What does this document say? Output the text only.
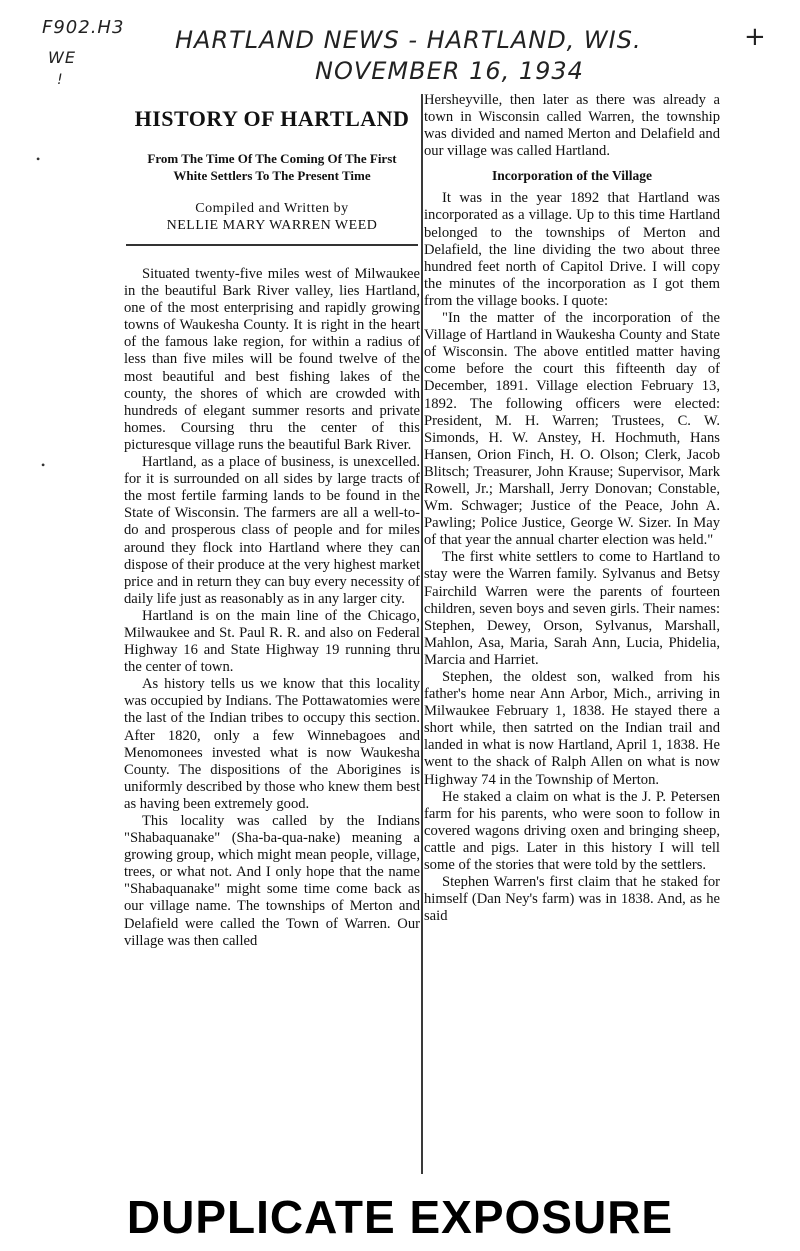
F902.H3
WE
!
+
HARTLAND NEWS - HARTLAND, WIS.
NOVEMBER 16, 1934
•
•
HISTORY OF HARTLAND
From The Time Of The Coming Of The First White Settlers To The Present Time
Compiled and Written by
NELLIE MARY WARREN WEED

Situated twenty-five miles west of Milwaukee in the beautiful Bark River valley, lies Hartland, one of the most enterprising and rapidly growing towns of Waukesha County. It is right in the heart of the famous lake region, for within a radius of less than five miles will be found twelve of the most beautiful and best fishing lakes of the county, the shores of which are crowded with hundreds of elegant summer resorts and private homes. Coursing thru the center of this picturesque village runs the beautiful Bark River.

Hartland, as a place of business, is unexcelled. for it is surrounded on all sides by large tracts of the most fertile farming lands to be found in the State of Wisconsin. The farmers are all a well-to-do and prosperous class of people and for miles around they flock into Hartland where they can dispose of their produce at the very highest market price and in return they can buy every necessity of daily life just as reasonably as in any larger city.

Hartland is on the main line of the Chicago, Milwaukee and St. Paul R. R. and also on Federal Highway 16 and State Highway 19 running thru the center of town.

As history tells us we know that this locality was occupied by Indians. The Pottawatomies were the last of the Indian tribes to occupy this section. After 1820, only a few Winnebagoes and Menomonees invested what is now Waukesha County. The dispositions of the Aborigines is uniformly described by those who knew them best as having been extremely good.

This locality was called by the Indians "Shabaquanake" (Sha-ba-qua-nake) meaning a growing group, which might mean people, village, trees, or what not. And I only hope that the name "Shabaquanake" might some time come back as our village name. The townships of Merton and Delafield were called the Town of Warren. Our village was then called

Hersheyville, then later as there was already a town in Wisconsin called Warren, the township was divided and named Merton and Delafield and our village was called Hartland.

Incorporation of the Village

It was in the year 1892 that Hartland was incorporated as a village. Up to this time Hartland belonged to the townships of Merton and Delafield, the line dividing the two about three hundred feet north of Capitol Drive. I will copy the minutes of the incorporation as I got them from the village books. I quote:

"In the matter of the incorporation of the Village of Hartland in Waukesha County and State of Wisconsin. The above entitled matter having come before the court this fifteenth day of December, 1891. Village election February 13, 1892. The following officers were elected: President, M. H. Warren; Trustees, C. W. Simonds, H. W. Anstey, H. Hochmuth, Hans Hansen, Orion Finch, H. O. Olson; Clerk, Jacob Blitsch; Treasurer, John Krause; Supervisor, Mark Rowell, Jr.; Marshall, Jerry Donovan; Constable, Wm. Schwager; Justice of the Peace, John A. Pawling; Police Justice, George W. Sizer. In May of that year the annual charter election was held."

The first white settlers to come to Hartland to stay were the Warren family. Sylvanus and Betsy Fairchild Warren were the parents of fourteen children, seven boys and seven girls. Their names: Stephen, Dewey, Orson, Sylvanus, Marshall, Mahlon, Asa, Maria, Sarah Ann, Lucia, Phidelia, Marcia and Harriet.

Stephen, the oldest son, walked from his father's home near Ann Arbor, Mich., arriving in Milwaukee February 1, 1838. He stayed there a short while, then satrted on the Indian trail and landed in what is now Hartland, April 1, 1838. He went to the shack of Ralph Allen on what is now Highway 74 in the Township of Merton.

He staked a claim on what is the J. P. Petersen farm for his parents, who were soon to follow in covered wagons driving oxen and bringing sheep, cattle and pigs. Later in this history I will tell some of the stories that were told by the settlers.

Stephen Warren's first claim that he staked for himself (Dan Ney's farm) was in 1838. And, as he said

DUPLICATE EXPOSURE
